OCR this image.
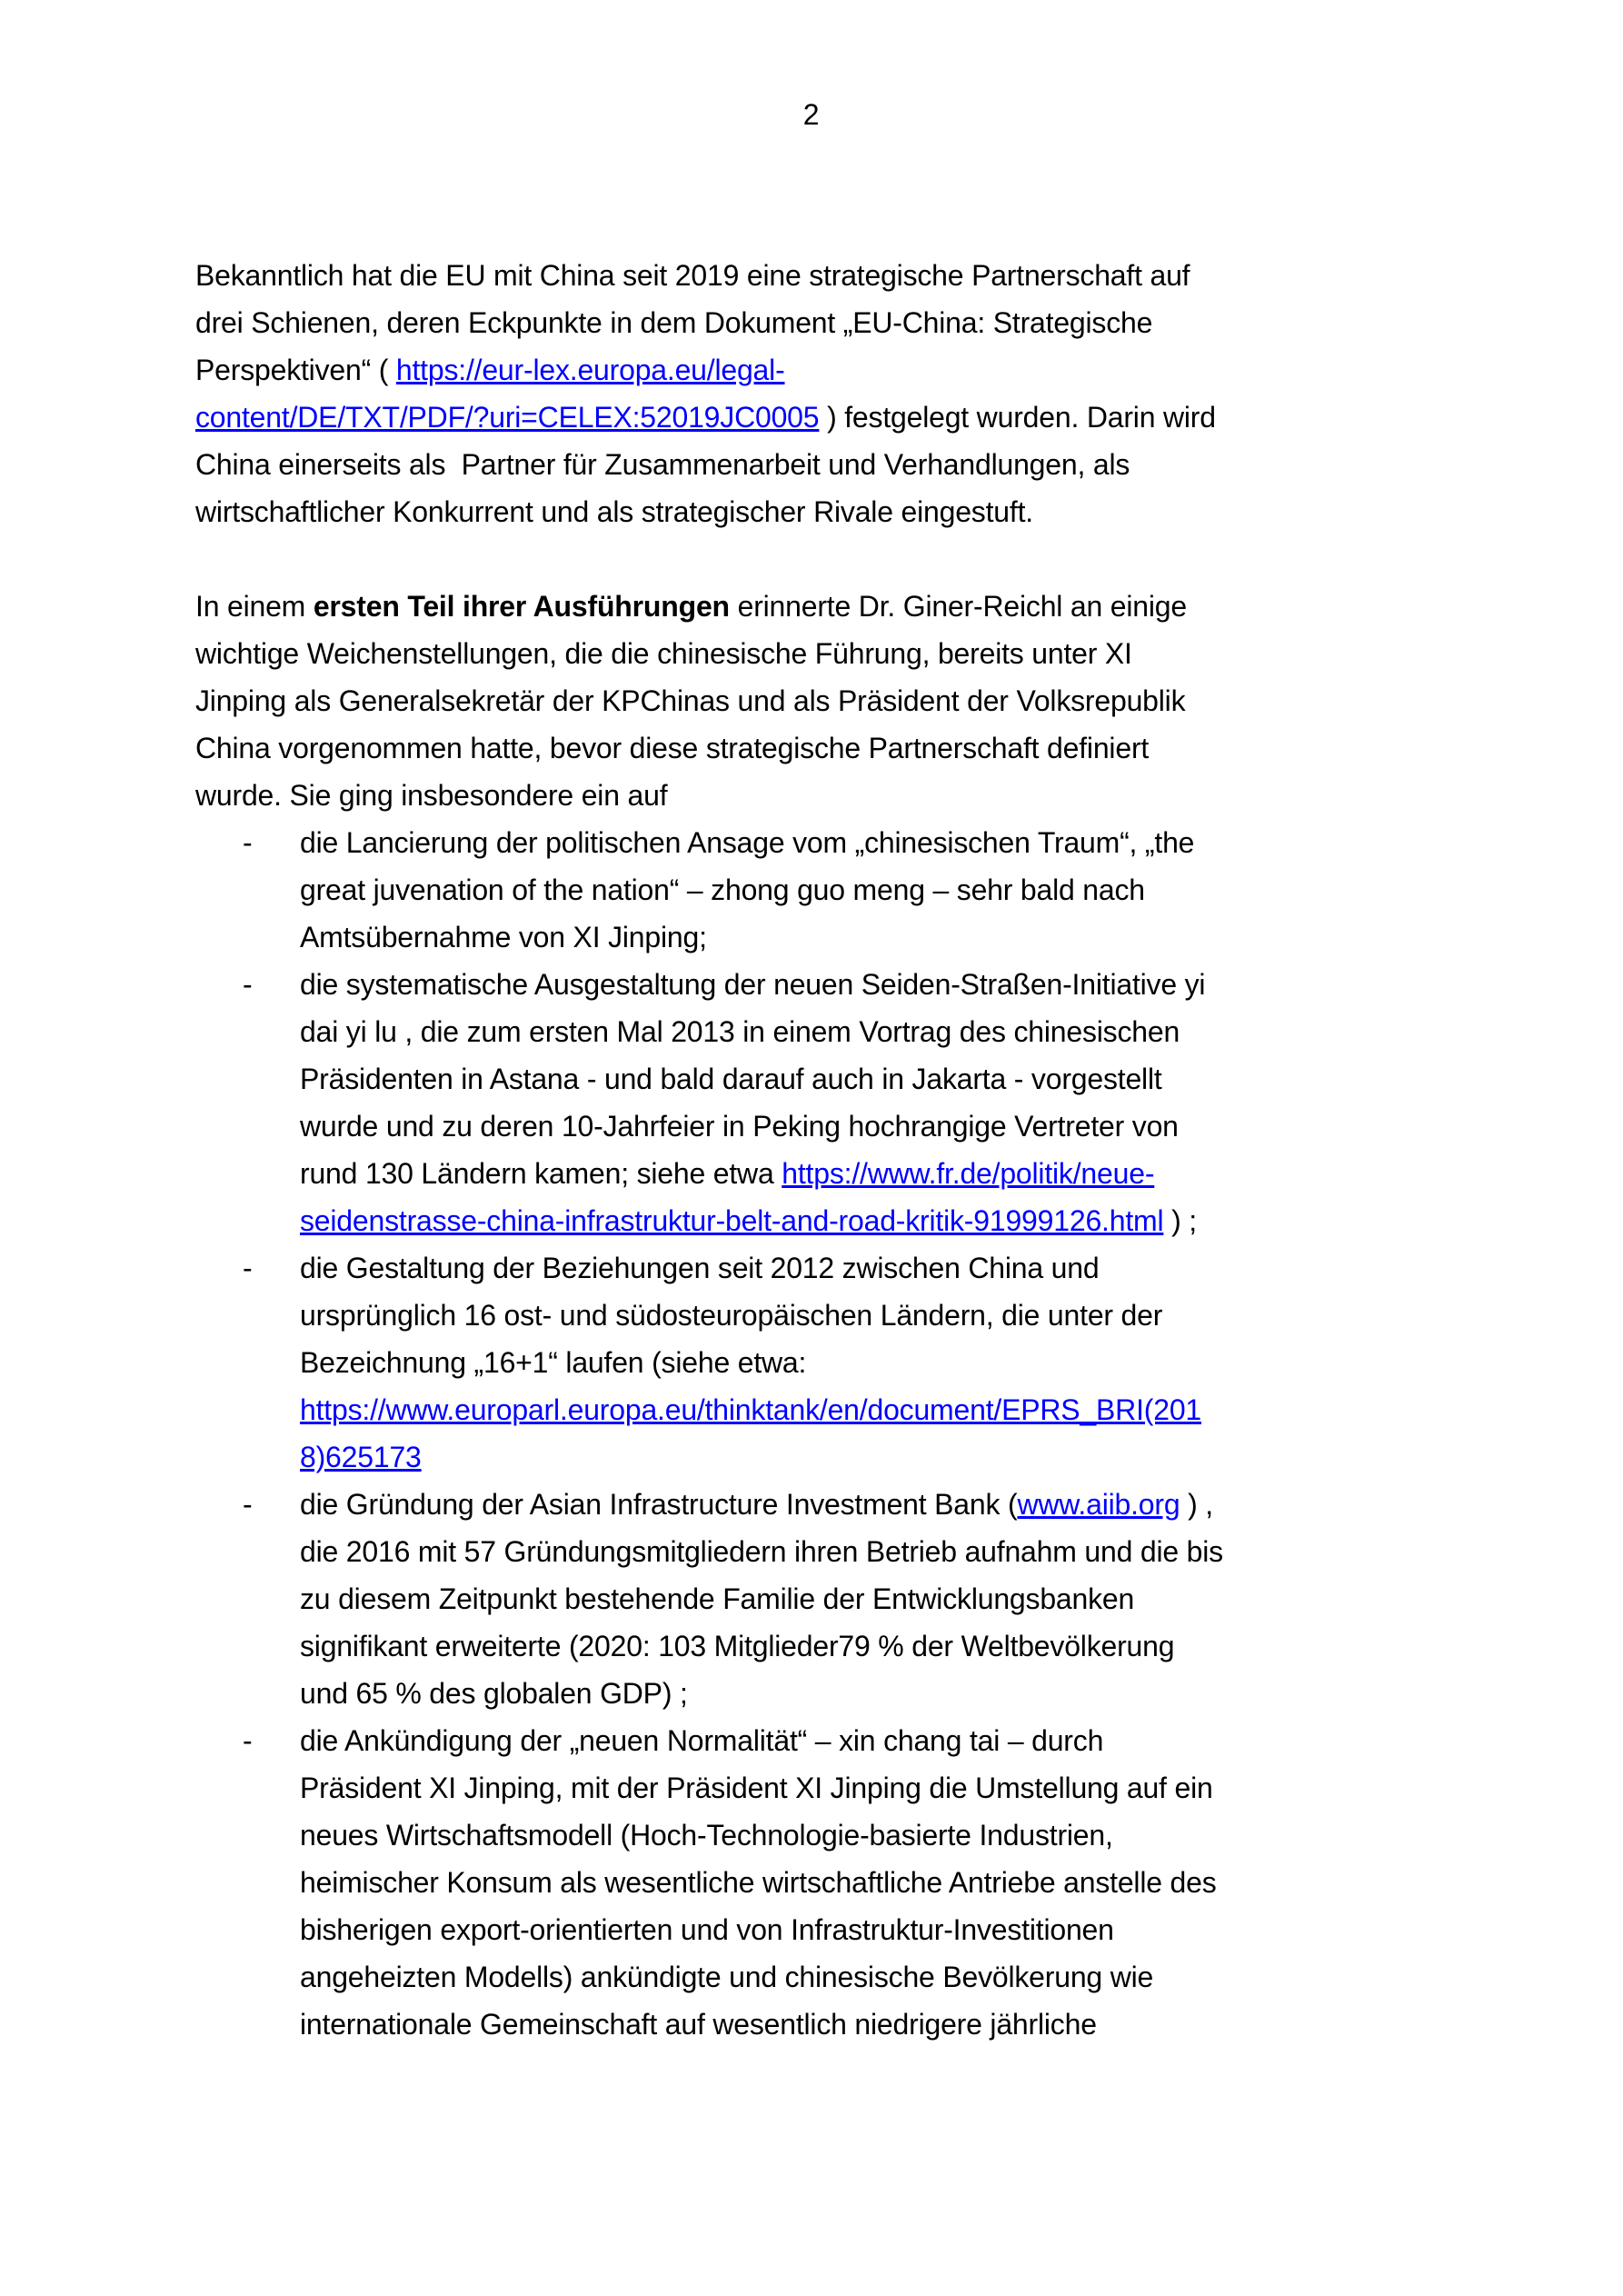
2
Bekanntlich hat die EU mit China seit 2019 eine strategische Partnerschaft auf
drei Schienen, deren Eckpunkte in dem Dokument „EU-China: Strategische
Perspektiven“ ( https://eur-lex.europa.eu/legal-
content/DE/TXT/PDF/?uri=CELEX:52019JC0005 ) festgelegt wurden. Darin wird
China einerseits als  Partner für Zusammenarbeit und Verhandlungen, als
wirtschaftlicher Konkurrent und als strategischer Rivale eingestuft.
In einem ersten Teil ihrer Ausführungen erinnerte Dr. Giner-Reichl an einige
wichtige Weichenstellungen, die die chinesische Führung, bereits unter XI
Jinping als Generalsekretär der KPChinas und als Präsident der Volksrepublik
China vorgenommen hatte, bevor diese strategische Partnerschaft definiert
wurde. Sie ging insbesondere ein auf
- die Lancierung der politischen Ansage vom „chinesischen Traum“, „the
great juvenation of the nation“ – zhong guo meng – sehr bald nach
Amtsübernahme von XI Jinping;
- die systematische Ausgestaltung der neuen Seiden-Straßen-Initiative yi
dai yi lu , die zum ersten Mal 2013 in einem Vortrag des chinesischen
Präsidenten in Astana - und bald darauf auch in Jakarta - vorgestellt
wurde und zu deren 10-Jahrfeier in Peking hochrangige Vertreter von
rund 130 Ländern kamen; siehe etwa https://www.fr.de/politik/neue-
seidenstrasse-china-infrastruktur-belt-and-road-kritik-91999126.html ) ;
- die Gestaltung der Beziehungen seit 2012 zwischen China und
ursprünglich 16 ost- und südosteuropäischen Ländern, die unter der
Bezeichnung „16+1“ laufen (siehe etwa:
https://www.europarl.europa.eu/thinktank/en/document/EPRS_BRI(201
8)625173
- die Gründung der Asian Infrastructure Investment Bank (www.aiib.org ) ,
die 2016 mit 57 Gründungsmitgliedern ihren Betrieb aufnahm und die bis
zu diesem Zeitpunkt bestehende Familie der Entwicklungsbanken
signifikant erweiterte (2020: 103 Mitglieder79 % der Weltbevölkerung
und 65 % des globalen GDP) ;
- die Ankündigung der „neuen Normalität“ – xin chang tai – durch
Präsident XI Jinping, mit der Präsident XI Jinping die Umstellung auf ein
neues Wirtschaftsmodell (Hoch-Technologie-basierte Industrien,
heimischer Konsum als wesentliche wirtschaftliche Antriebe anstelle des
bisherigen export-orientierten und von Infrastruktur-Investitionen
angeheizten Modells) ankündigte und chinesische Bevölkerung wie
internationale Gemeinschaft auf wesentlich niedrigere jährliche
